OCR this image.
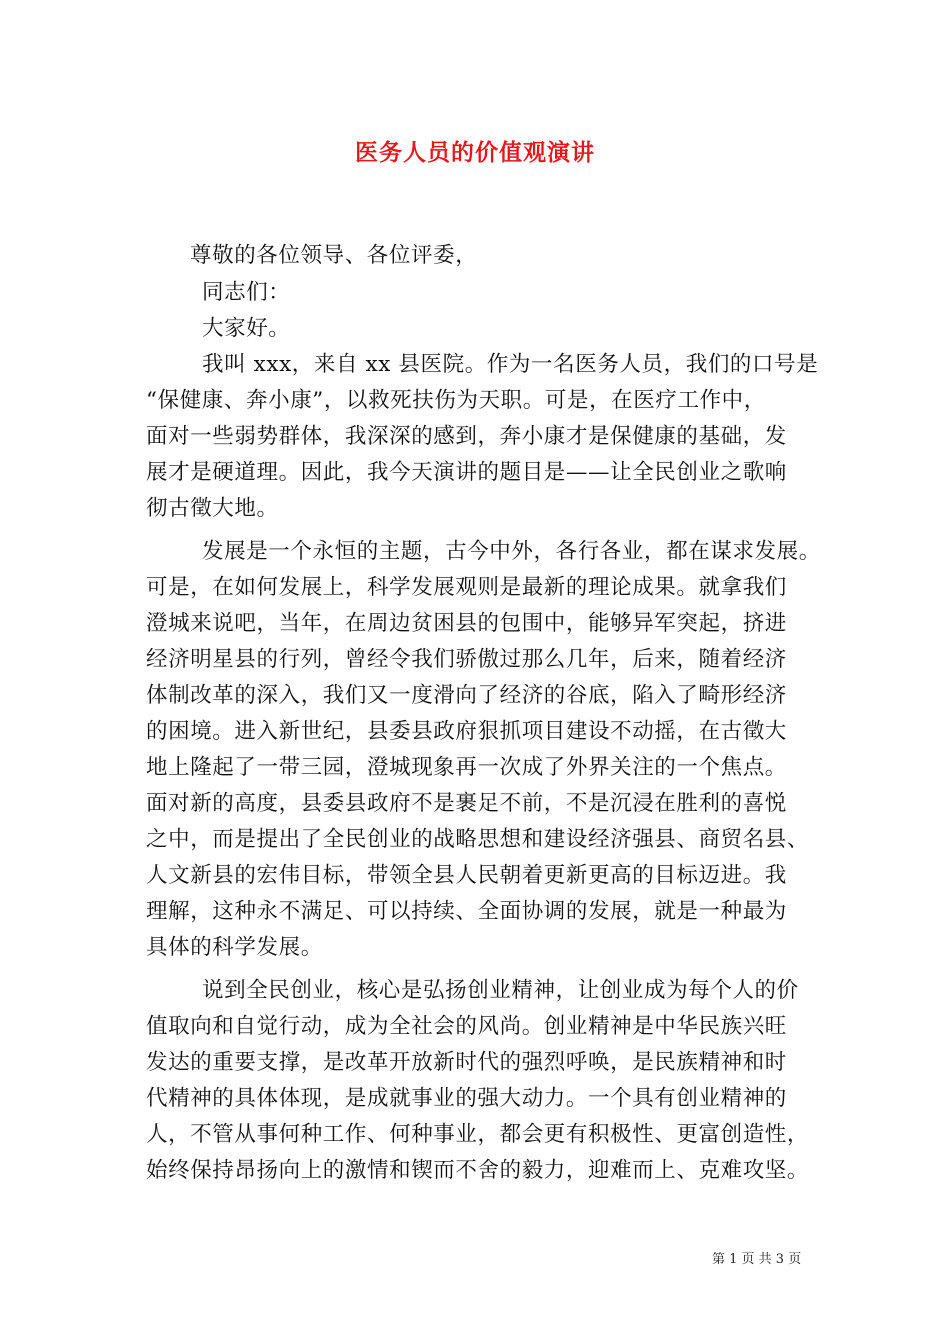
医务人员的价值观演讲
尊敬的各位领导、各位评委，
同志们：
大家好。
我叫 xxx，来自 xx 县医院。作为一名医务人员，我们的口号是
“保健康、奔小康”，以救死扶伤为天职。可是，在医疗工作中，
面对一些弱势群体，我深深的感到，奔小康才是保健康的基础，发
展才是硬道理。因此，我今天演讲的题目是——让全民创业之歌响
彻古徵大地。
发展是一个永恒的主题，古今中外，各行各业，都在谋求发展。
可是，在如何发展上，科学发展观则是最新的理论成果。就拿我们
澄城来说吧，当年，在周边贫困县的包围中，能够异军突起，挤进
经济明星县的行列，曾经令我们骄傲过那么几年，后来，随着经济
体制改革的深入，我们又一度滑向了经济的谷底，陷入了畸形经济
的困境。进入新世纪，县委县政府狠抓项目建设不动摇，在古徵大
地上隆起了一带三园，澄城现象再一次成了外界关注的一个焦点。
面对新的高度，县委县政府不是裹足不前，不是沉浸在胜利的喜悦
之中，而是提出了全民创业的战略思想和建设经济强县、商贸名县、
人文新县的宏伟目标，带领全县人民朝着更新更高的目标迈进。我
理解，这种永不满足、可以持续、全面协调的发展，就是一种最为
具体的科学发展。
说到全民创业，核心是弘扬创业精神，让创业成为每个人的价
值取向和自觉行动，成为全社会的风尚。创业精神是中华民族兴旺
发达的重要支撑，是改革开放新时代的强烈呼唤，是民族精神和时
代精神的具体体现，是成就事业的强大动力。一个具有创业精神的
人，不管从事何种工作、何种事业，都会更有积极性、更富创造性，
始终保持昂扬向上的激情和锲而不舍的毅力，迎难而上、克难攻坚。
第 1 页 共 3 页
